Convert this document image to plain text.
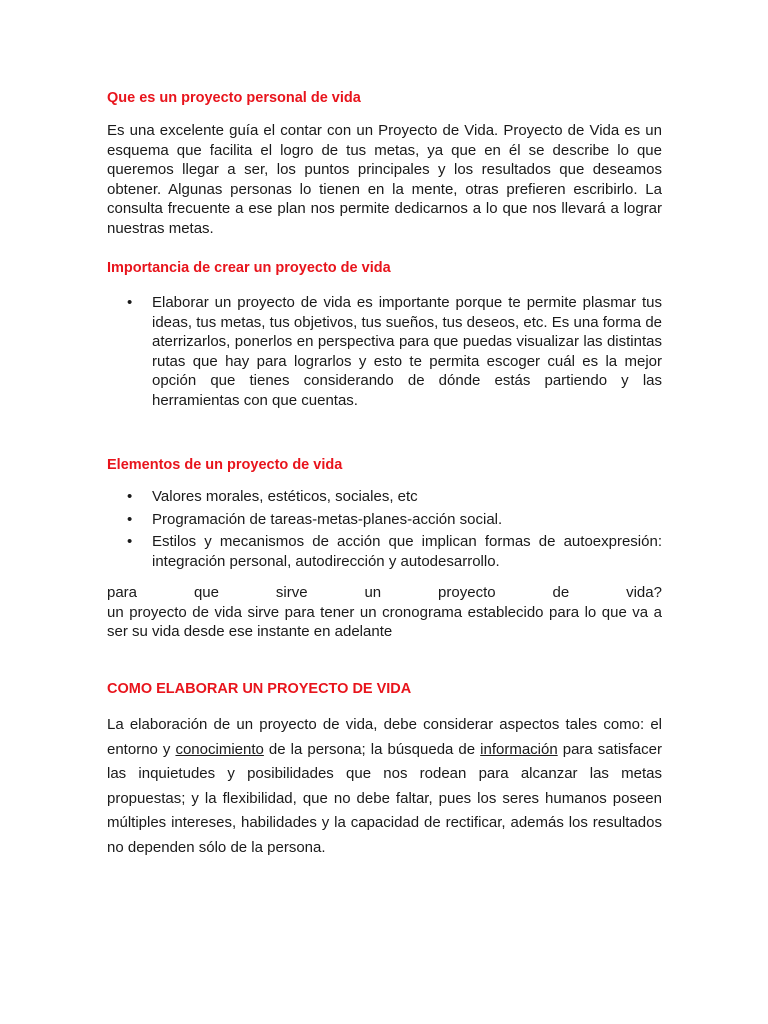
Que es un proyecto personal de vida

Es una excelente guía el contar con un Proyecto de Vida. Proyecto de Vida es un esquema que facilita el logro de tus metas, ya que en él se describe lo que queremos llegar a ser, los puntos principales y los resultados que deseamos obtener. Algunas personas lo tienen en la mente, otras prefieren escribirlo. La consulta frecuente a ese plan nos permite dedicarnos a lo que nos llevará a lograr nuestras metas.

Importancia de crear un proyecto de vida
• Elaborar un proyecto de vida es importante porque te permite plasmar tus ideas, tus metas, tus objetivos, tus sueños, tus deseos, etc. Es una forma de aterrizarlos, ponerlos en perspectiva para que puedas visualizar las distintas rutas que hay para lograrlos y esto te permita escoger cuál es la mejor opción que tienes considerando de dónde estás partiendo y las herramientas con que cuentas.
Elementos de un proyecto de vida
• Valores morales, estéticos, sociales, etc
• Programación de tareas-metas-planes-acción social.
• Estilos y mecanismos de acción que implican formas de autoexpresión: integración personal, autodirección y autodesarrollo.
para	que	sirve	un	proyecto	de	vida?
un proyecto de vida sirve para tener un cronograma establecido para lo que va a ser su vida desde ese instante en adelante
COMO ELABORAR UN PROYECTO DE VIDA

La elaboración de un proyecto de vida, debe considerar aspectos tales como: el entorno y conocimiento de la persona; la búsqueda de información para satisfacer las inquietudes y posibilidades que nos rodean para alcanzar las metas propuestas; y la flexibilidad, que no debe faltar, pues los seres humanos poseen múltiples intereses, habilidades y la capacidad de rectificar, además los resultados no dependen sólo de la persona.
